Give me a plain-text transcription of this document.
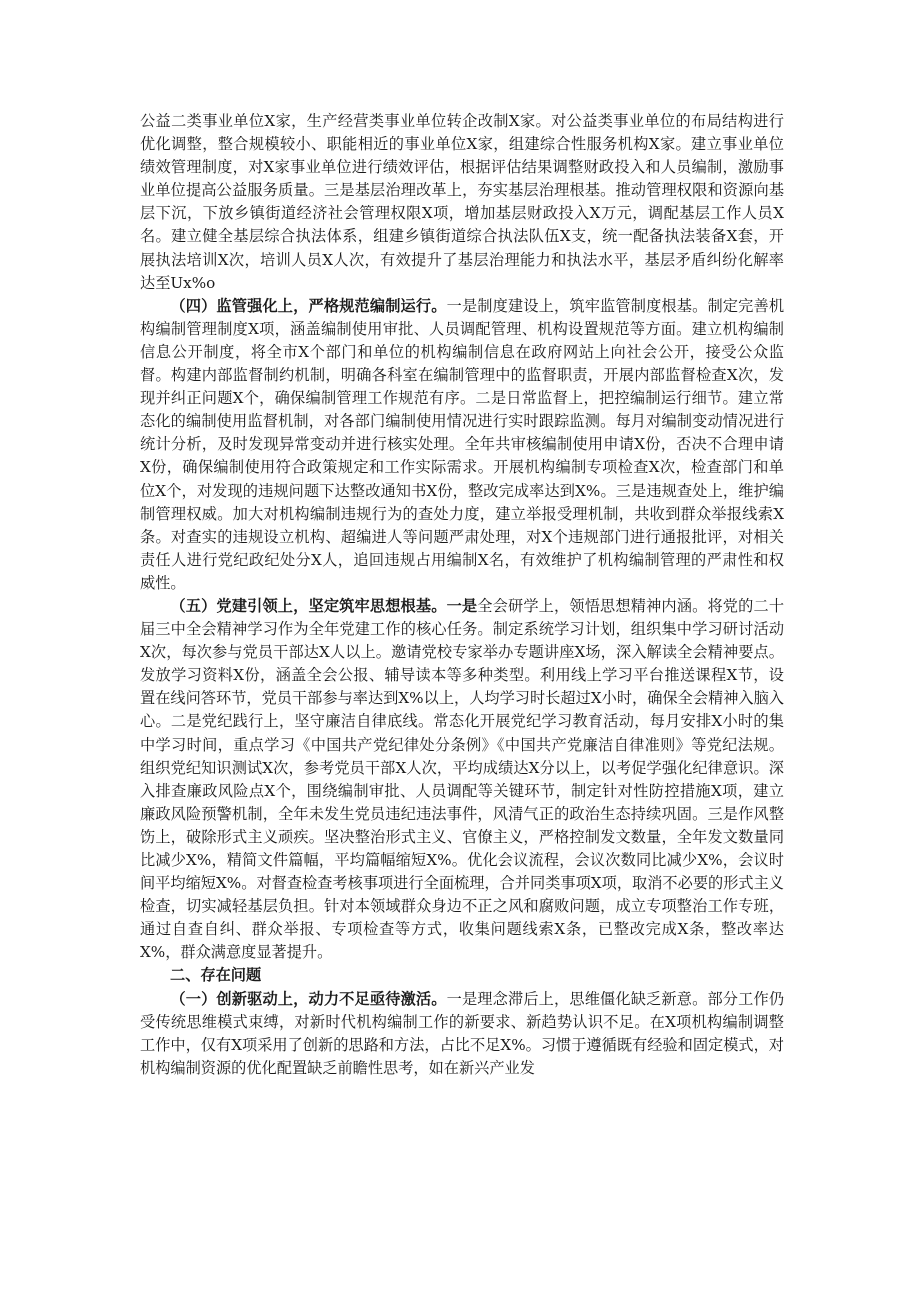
公益二类事业单位X家，生产经营类事业单位转企改制X家。对公益类事业单位的布局结构进行优化调整，整合规模较小、职能相近的事业单位X家，组建综合性服务机构X家。建立事业单位绩效管理制度，对X家事业单位进行绩效评估，根据评估结果调整财政投入和人员编制，激励事业单位提高公益服务质量。三是基层治理改革上，夯实基层治理根基。推动管理权限和资源向基层下沉，下放乡镇街道经济社会管理权限X项，增加基层财政投入X万元，调配基层工作人员X名。建立健全基层综合执法体系，组建乡镇街道综合执法队伍X支，统一配备执法装备X套，开展执法培训X次，培训人员X人次，有效提升了基层治理能力和执法水平，基层矛盾纠纷化解率达至Ux%o

（四）监管强化上，严格规范编制运行。一是制度建设上，筑牢监管制度根基。制定完善机构编制管理制度X项，涵盖编制使用审批、人员调配管理、机构设置规范等方面。建立机构编制信息公开制度，将全市X个部门和单位的机构编制信息在政府网站上向社会公开，接受公众监督。构建内部监督制约机制，明确各科室在编制管理中的监督职责，开展内部监督检查X次，发现并纠正问题X个，确保编制管理工作规范有序。二是日常监督上，把控编制运行细节。建立常态化的编制使用监督机制，对各部门编制使用情况进行实时跟踪监测。每月对编制变动情况进行统计分析，及时发现异常变动并进行核实处理。全年共审核编制使用申请X份，否决不合理申请X份，确保编制使用符合政策规定和工作实际需求。开展机构编制专项检查X次，检查部门和单位X个，对发现的违规问题下达整改通知书X份，整改完成率达到X%。三是违规查处上，维护编制管理权威。加大对机构编制违规行为的查处力度，建立举报受理机制，共收到群众举报线索X条。对查实的违规设立机构、超编进人等问题严肃处理，对X个违规部门进行通报批评，对相关责任人进行党纪政纪处分X人，追回违规占用编制X名，有效维护了机构编制管理的严肃性和权威性。

（五）党建引领上，坚定筑牢思想根基。一是全会研学上，领悟思想精神内涵。将党的二十届三中全会精神学习作为全年党建工作的核心任务。制定系统学习计划，组织集中学习研讨活动X次，每次参与党员干部达X人以上。邀请党校专家举办专题讲座X场，深入解读全会精神要点。发放学习资料X份，涵盖全会公报、辅导读本等多种类型。利用线上学习平台推送课程X节，设置在线问答环节，党员干部参与率达到X%以上，人均学习时长超过X小时，确保全会精神入脑入心。二是党纪践行上，坚守廉洁自律底线。常态化开展党纪学习教育活动，每月安排X小时的集中学习时间，重点学习《中国共产党纪律处分条例》《中国共产党廉洁自律准则》等党纪法规。组织党纪知识测试X次，参考党员干部X人次，平均成绩达X分以上，以考促学强化纪律意识。深入排查廉政风险点X个，围绕编制审批、人员调配等关键环节，制定针对性防控措施X项，建立廉政风险预警机制，全年未发生党员违纪违法事件，风清气正的政治生态持续巩固。三是作风整饬上，破除形式主义顽疾。坚决整治形式主义、官僚主义，严格控制发文数量，全年发文数量同比减少X%，精简文件篇幅，平均篇幅缩短X%。优化会议流程，会议次数同比减少X%，会议时间平均缩短X%。对督查检查考核事项进行全面梳理，合并同类事项X项，取消不必要的形式主义检查，切实减轻基层负担。针对本领域群众身边不正之风和腐败问题，成立专项整治工作专班，通过自查自纠、群众举报、专项检查等方式，收集问题线索X条，已整改完成X条，整改率达X%，群众满意度显著提升。

二、存在问题

（一）创新驱动上，动力不足亟待激活。一是理念滞后上，思维僵化缺乏新意。部分工作仍受传统思维模式束缚，对新时代机构编制工作的新要求、新趋势认识不足。在X项机构编制调整工作中，仅有X项采用了创新的思路和方法，占比不足X%。习惯于遵循既有经验和固定模式，对机构编制资源的优化配置缺乏前瞻性思考，如在新兴产业发
